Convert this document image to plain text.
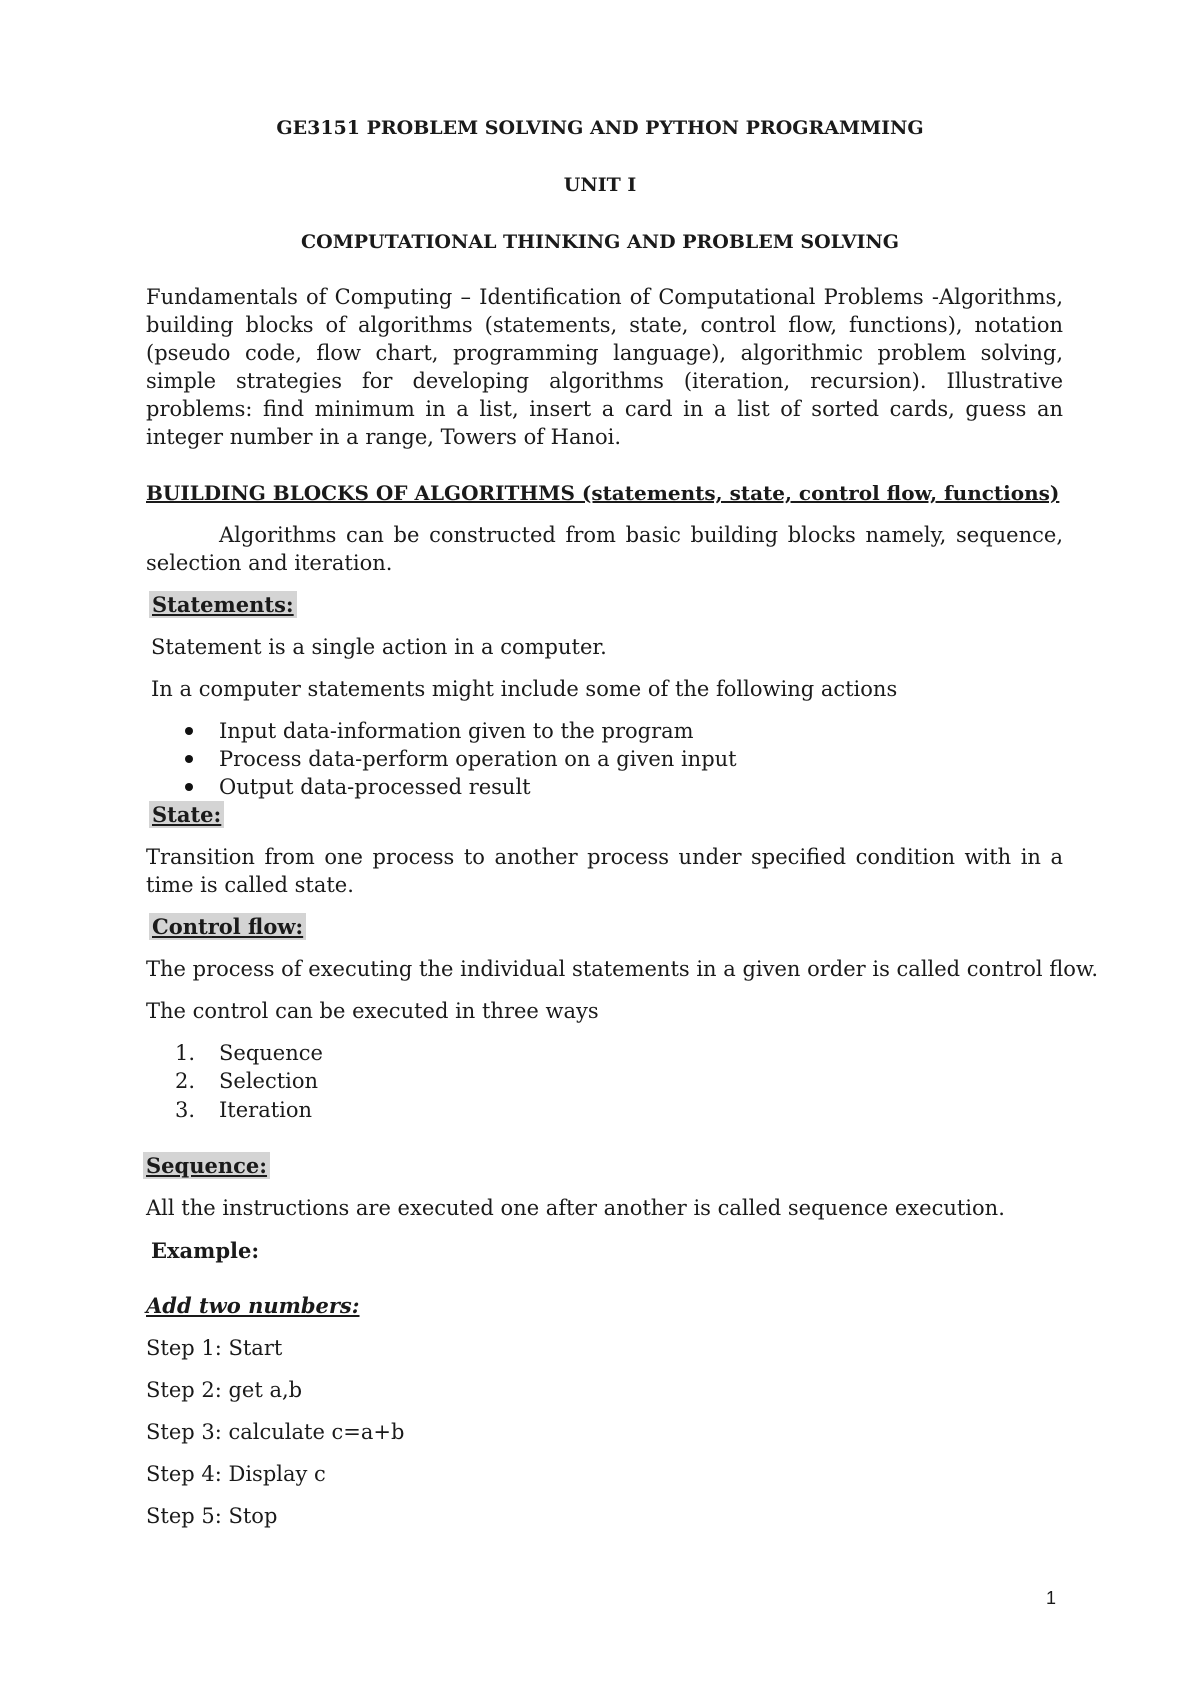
GE3151 PROBLEM SOLVING AND PYTHON PROGRAMMING
UNIT I
COMPUTATIONAL THINKING AND PROBLEM SOLVING
Fundamentals of Computing – Identification of Computational Problems -Algorithms, building blocks of algorithms (statements, state, control flow, functions), notation (pseudo code, flow chart, programming language), algorithmic problem solving, simple strategies for developing algorithms (iteration, recursion). Illustrative problems: find minimum in a list, insert a card in a list of sorted cards, guess an integer number in a range, Towers of Hanoi.
BUILDING BLOCKS OF ALGORITHMS (statements, state, control flow, functions)
Algorithms can be constructed from basic building blocks namely, sequence, selection and iteration.
Statements:
Statement is a single action in a computer.
In a computer statements might include some of the following actions
Input data-information given to the program
Process data-perform operation on a given input
Output data-processed result
State:
Transition from one process to another process under specified condition with in a time is called state.
Control flow:
The process of executing the individual statements in a given order is called control flow.
The control can be executed in three ways
1. Sequence
2. Selection
3. Iteration
Sequence:
All the instructions are executed one after another is called sequence execution.
Example:
Add two numbers:
Step 1: Start
Step 2: get a,b
Step 3: calculate c=a+b
Step 4: Display c
Step 5: Stop
1
